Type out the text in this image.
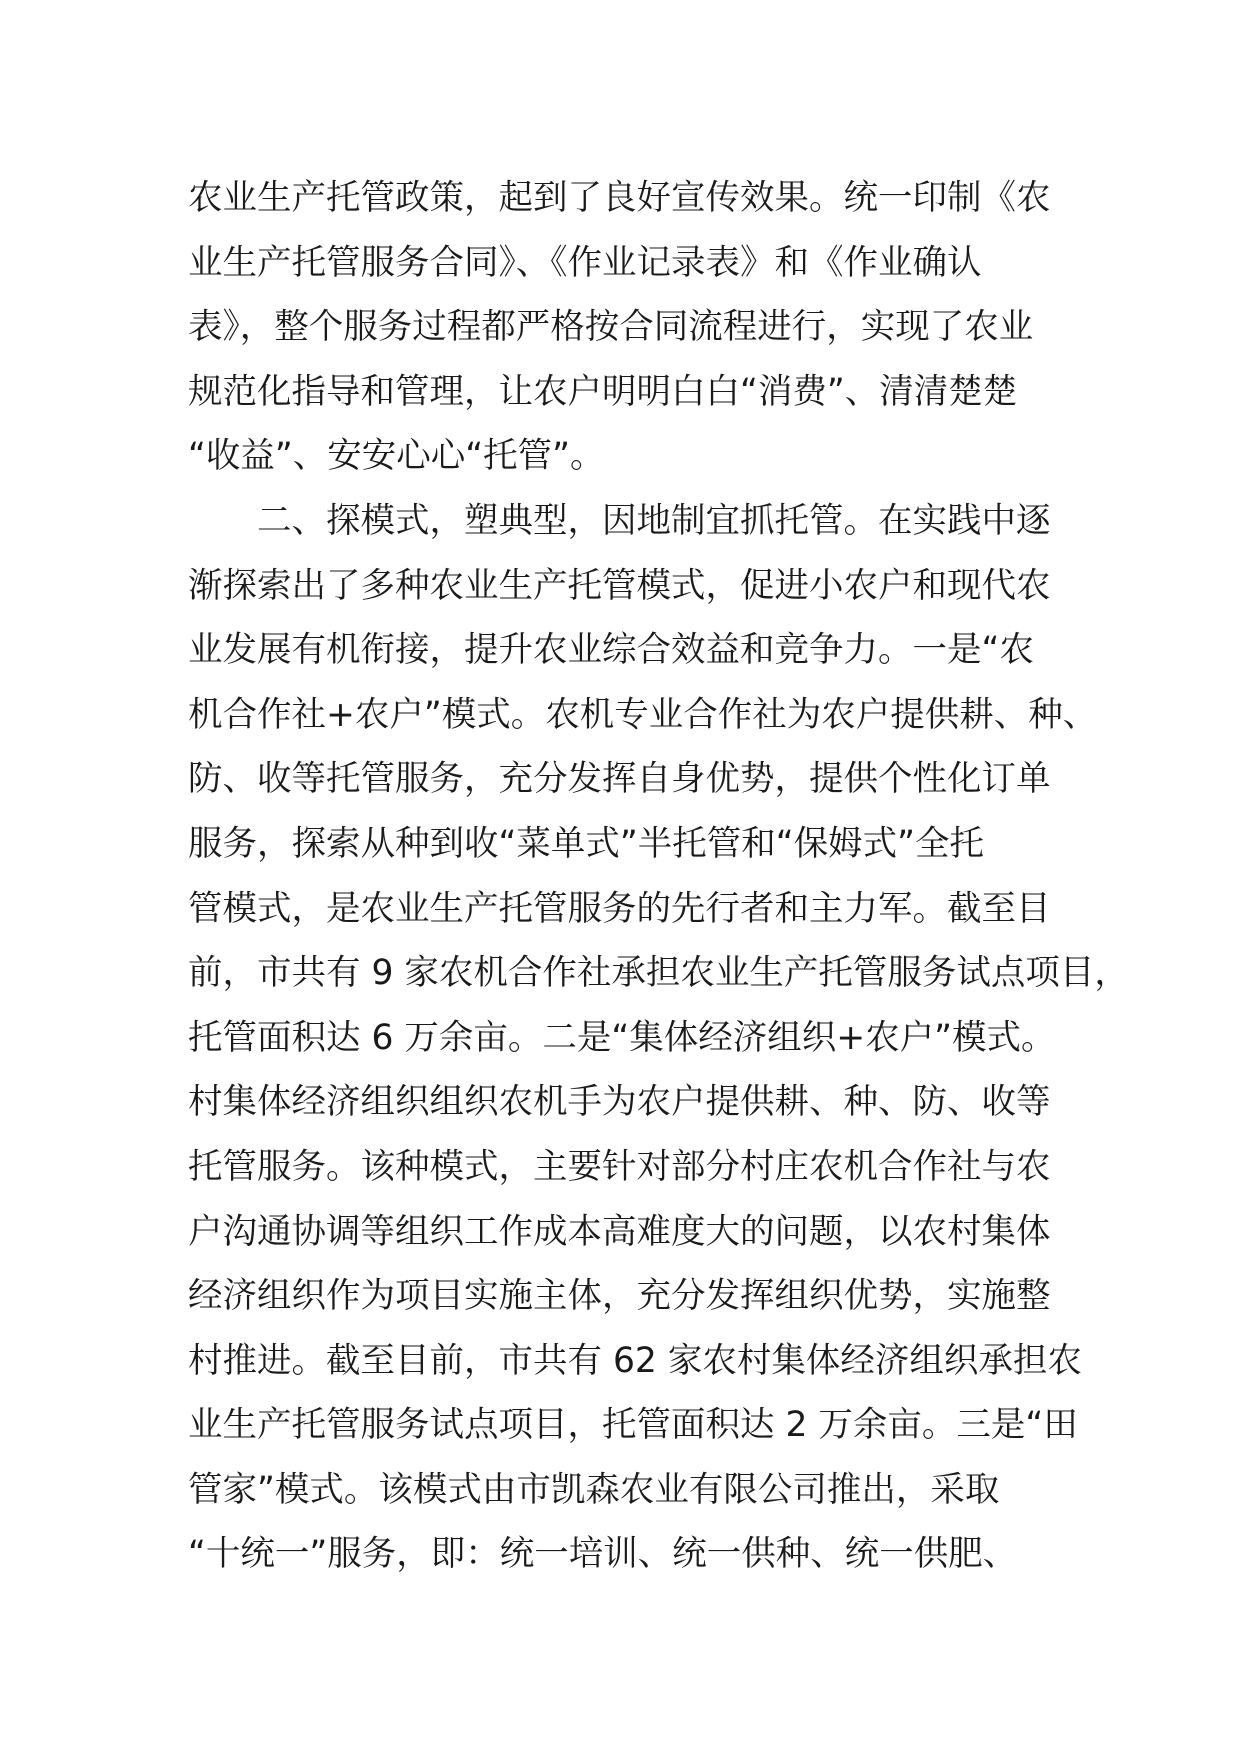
农业生产托管政策，起到了良好宣传效果。统一印制《农
业生产托管服务合同》、《作业记录表》和《作业确认
表》，整个服务过程都严格按合同流程进行，实现了农业
规范化指导和管理，让农户明明白白“消费”、清清楚楚
“收益”、安安心心“托管”。
　　二、探模式，塑典型，因地制宜抓托管。在实践中逐
渐探索出了多种农业生产托管模式，促进小农户和现代农
业发展有机衔接，提升农业综合效益和竞争力。一是“农
机合作社+农户”模式。农机专业合作社为农户提供耕、种、
防、收等托管服务，充分发挥自身优势，提供个性化订单
服务，探索从种到收“菜单式”半托管和“保姆式”全托
管模式，是农业生产托管服务的先行者和主力军。截至目
前，市共有 9 家农机合作社承担农业生产托管服务试点项目，
托管面积达 6 万余亩。二是“集体经济组织+农户”模式。
村集体经济组织组织农机手为农户提供耕、种、防、收等
托管服务。该种模式，主要针对部分村庄农机合作社与农
户沟通协调等组织工作成本高难度大的问题，以农村集体
经济组织作为项目实施主体，充分发挥组织优势，实施整
村推进。截至目前，市共有 62 家农村集体经济组织承担农
业生产托管服务试点项目，托管面积达 2 万余亩。三是“田
管家”模式。该模式由市凯森农业有限公司推出，采取
“十统一”服务，即：统一培训、统一供种、统一供肥、
